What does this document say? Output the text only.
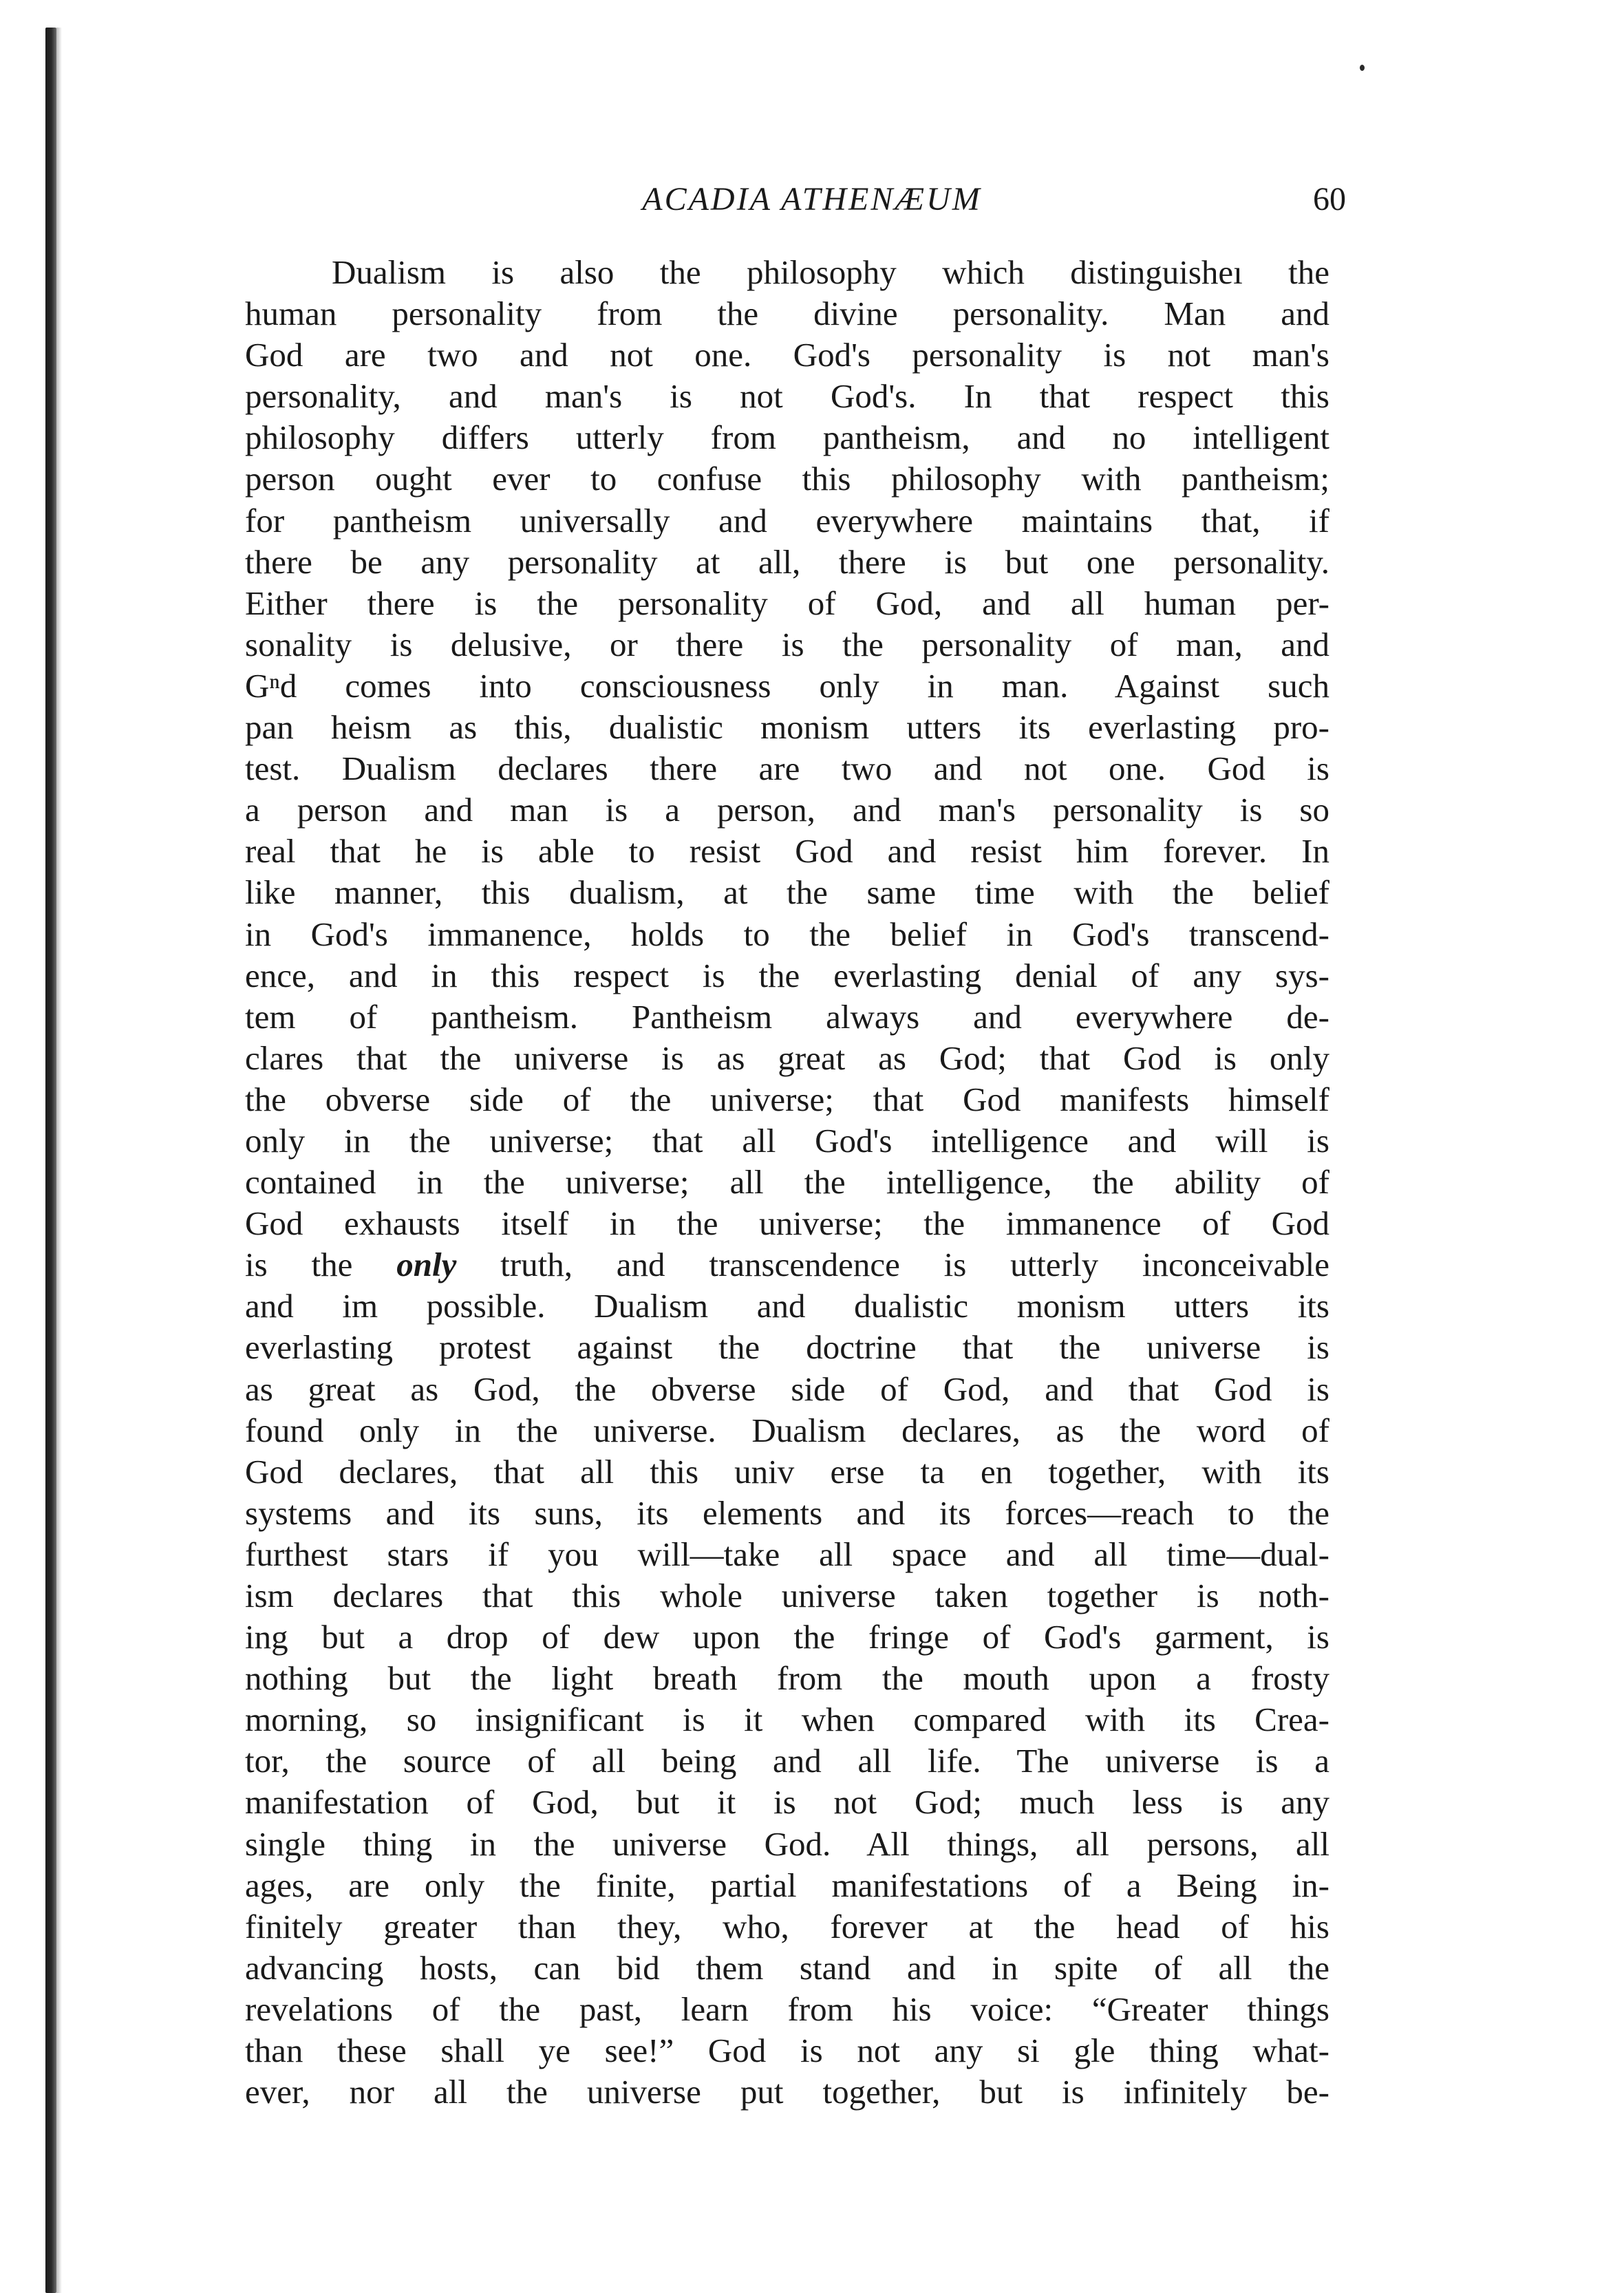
ACADIA ATHENÆUM	60
Dualism is also the philosophy which distinguisheı the
human personality from the divine personality. Man and
God are two and not one. God's personality is not man's
personality, and man's is not God's. In that respect this
philosophy differs utterly from pantheism, and no intelligent
person ought ever to confuse this philosophy with pantheism;
for pantheism universally and everywhere maintains that, if
there be any personality at all, there is but one personality.
Either there is the personality of God, and all human per-
sonality is delusive, or there is the personality of man, and
Gⁿd comes into consciousness only in man. Against such
pan heism as this, dualistic monism utters its everlasting pro-
test. Dualism declares there are two and not one. God is
a person and man is a person, and man's personality is so
real that he is able to resist God and resist him forever. In
like manner, this dualism, at the same time with the belief
in God's immanence, holds to the belief in God's transcend-
ence, and in this respect is the everlasting denial of any sys-
tem of pantheism. Pantheism always and everywhere de-
clares that the universe is as great as God; that God is only
the obverse side of the universe; that God manifests himself
only in the universe; that all God's intelligence and will is
contained in the universe; all the intelligence, the ability of
God exhausts itself in the universe; the immanence of God
is the only truth, and transcendence is utterly inconceivable
and im possible. Dualism and dualistic monism utters its
everlasting protest against the doctrine that the universe is
as great as God, the obverse side of God, and that God is
found only in the universe. Dualism declares, as the word of
God declares, that all this univ erse ta en together, with its
systems and its suns, its elements and its forces—reach to the
furthest stars if you will—take all space and all time—dual-
ism declares that this whole universe taken together is noth-
ing but a drop of dew upon the fringe of God's garment, is
nothing but the light breath from the mouth upon a frosty
morning, so insignificant is it when compared with its Crea-
tor, the source of all being and all life. The universe is a
manifestation of God, but it is not God; much less is any
single thing in the universe God. All things, all persons, all
ages, are only the finite, partial manifestations of a Being in-
finitely greater than they, who, forever at the head of his
advancing hosts, can bid them stand and in spite of all the
revelations of the past, learn from his voice: “Greater things
than these shall ye see!” God is not any si gle thing what-
ever, nor all the universe put together, but is infinitely be-
